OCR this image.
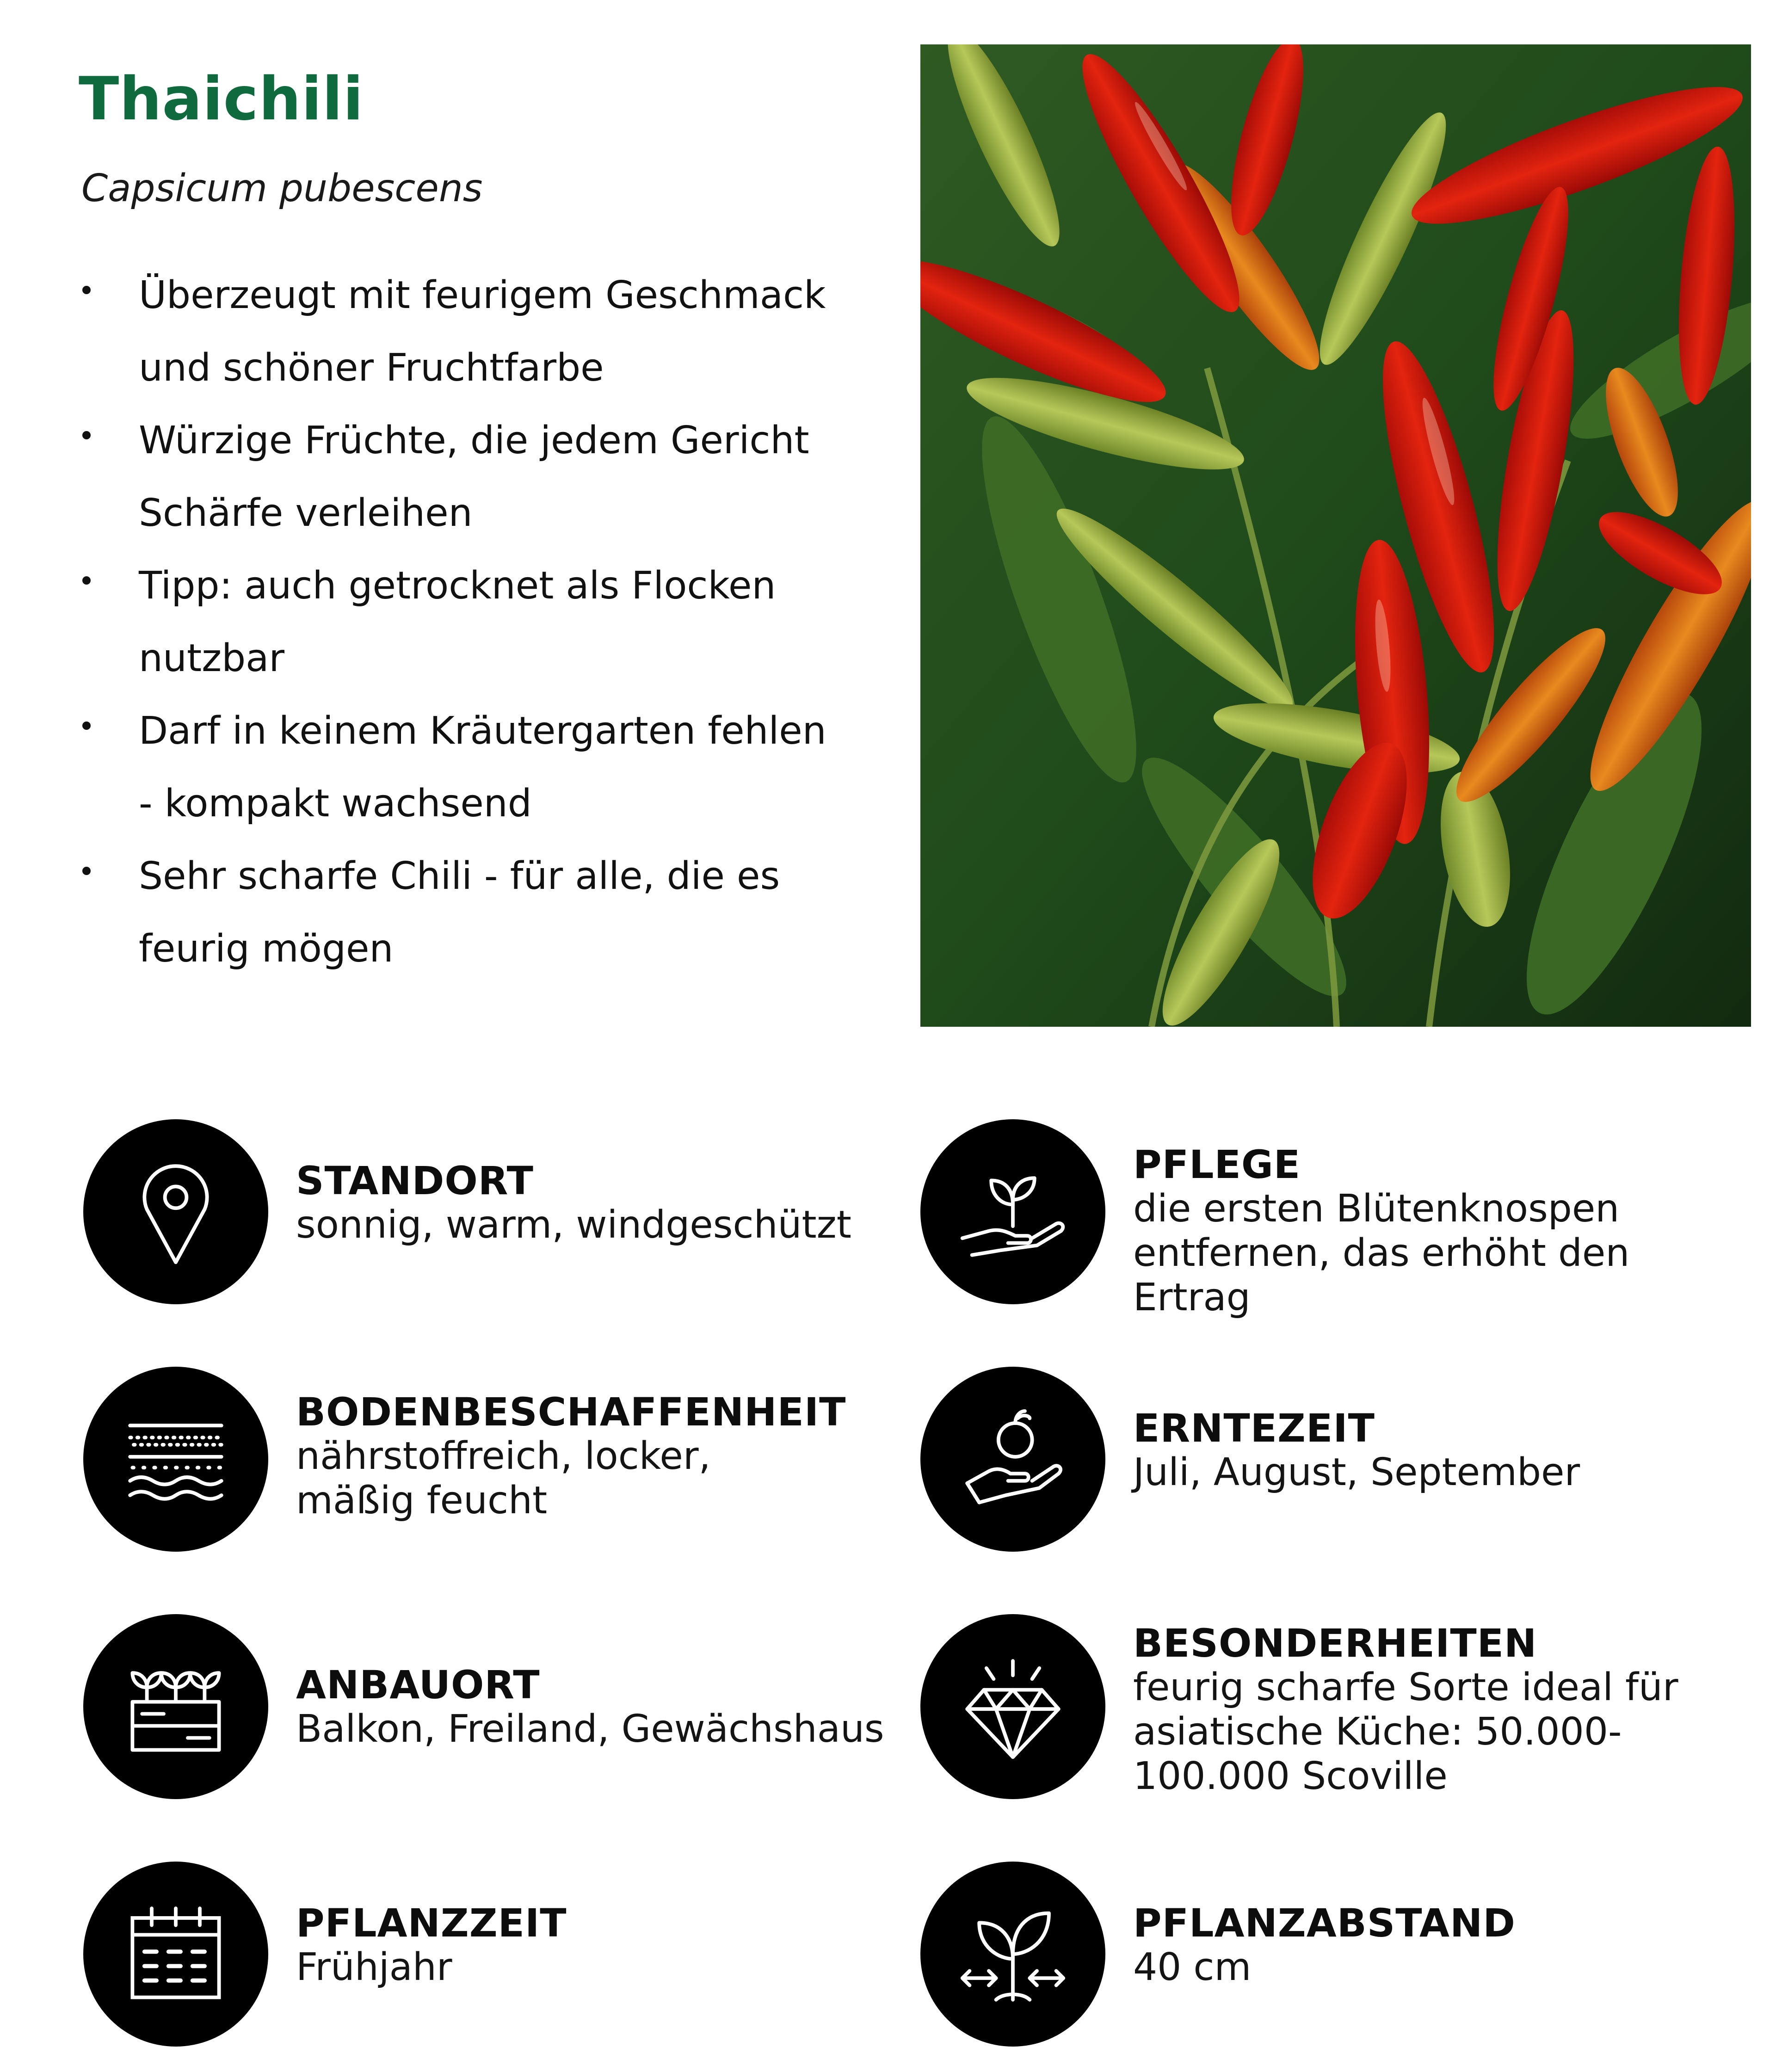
Thaichili

Capsicum pubescens

Überzeugt mit feurigem Geschmack
und schöner Fruchtfarbe
Würzige Früchte, die jedem Gericht
Schärfe verleihen
Tipp: auch getrocknet als Flocken nutzbar
Darf in keinem Kräutergarten fehlen
- kompakt wachsend
Sehr scharfe Chili - für alle, die es
feurig mögen
STANDORT
sonnig, warm, windgeschützt
PFLEGE
die ersten Blütenknospen
entfernen, das erhöht den Ertrag
BODENBESCHAFFENHEIT
nährstoffreich, locker,
mäßig feucht
ERNTEZEIT
Juli, August, September
ANBAUORT
Balkon, Freiland, Gewächshaus
BESONDERHEITEN
feurig scharfe Sorte ideal für
asiatische Küche: 50.000-
100.000 Scoville
PFLANZZEIT
Frühjahr
PFLANZABSTAND
40 cm
